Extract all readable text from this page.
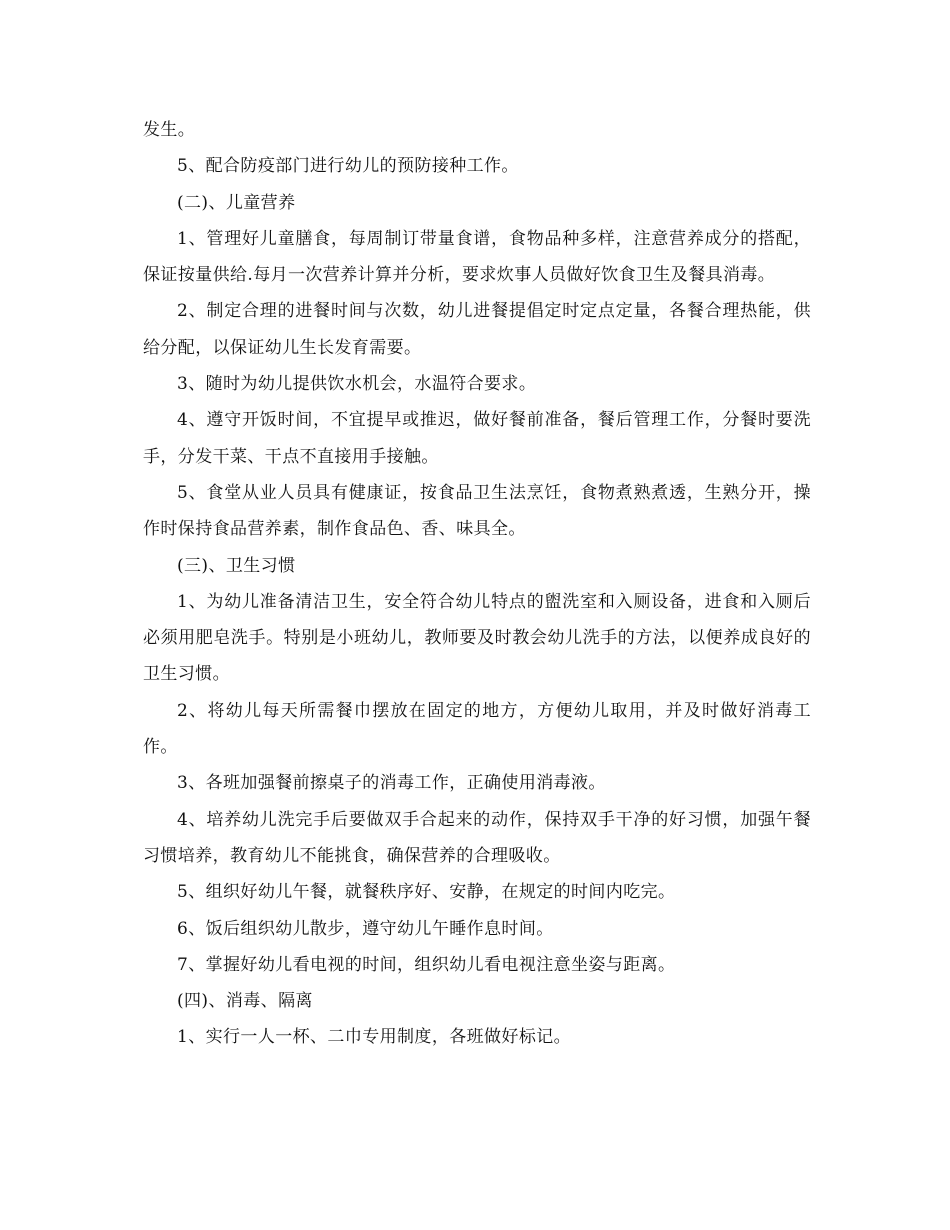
发生。

5、配合防疫部门进行幼儿的预防接种工作。

(二)、儿童营养

1、管理好儿童膳食，每周制订带量食谱，食物品种多样，注意营养成分的搭配，保证按量供给.每月一次营养计算并分析，要求炊事人员做好饮食卫生及餐具消毒。

2、制定合理的进餐时间与次数，幼儿进餐提倡定时定点定量，各餐合理热能，供给分配，以保证幼儿生长发育需要。

3、随时为幼儿提供饮水机会，水温符合要求。

4、遵守开饭时间，不宜提早或推迟，做好餐前准备，餐后管理工作，分餐时要洗手，分发干菜、干点不直接用手接触。

5、食堂从业人员具有健康证，按食品卫生法烹饪，食物煮熟煮透，生熟分开，操作时保持食品营养素，制作食品色、香、味具全。

(三)、卫生习惯

1、为幼儿准备清洁卫生，安全符合幼儿特点的盥洗室和入厕设备，进食和入厕后必须用肥皂洗手。特别是小班幼儿，教师要及时教会幼儿洗手的方法，以便养成良好的卫生习惯。

2、将幼儿每天所需餐巾摆放在固定的地方，方便幼儿取用，并及时做好消毒工作。

3、各班加强餐前擦桌子的消毒工作，正确使用消毒液。

4、培养幼儿洗完手后要做双手合起来的动作，保持双手干净的好习惯，加强午餐习惯培养，教育幼儿不能挑食，确保营养的合理吸收。

5、组织好幼儿午餐，就餐秩序好、安静，在规定的时间内吃完。

6、饭后组织幼儿散步，遵守幼儿午睡作息时间。

7、掌握好幼儿看电视的时间，组织幼儿看电视注意坐姿与距离。

(四)、消毒、隔离

1、实行一人一杯、二巾专用制度，各班做好标记。
